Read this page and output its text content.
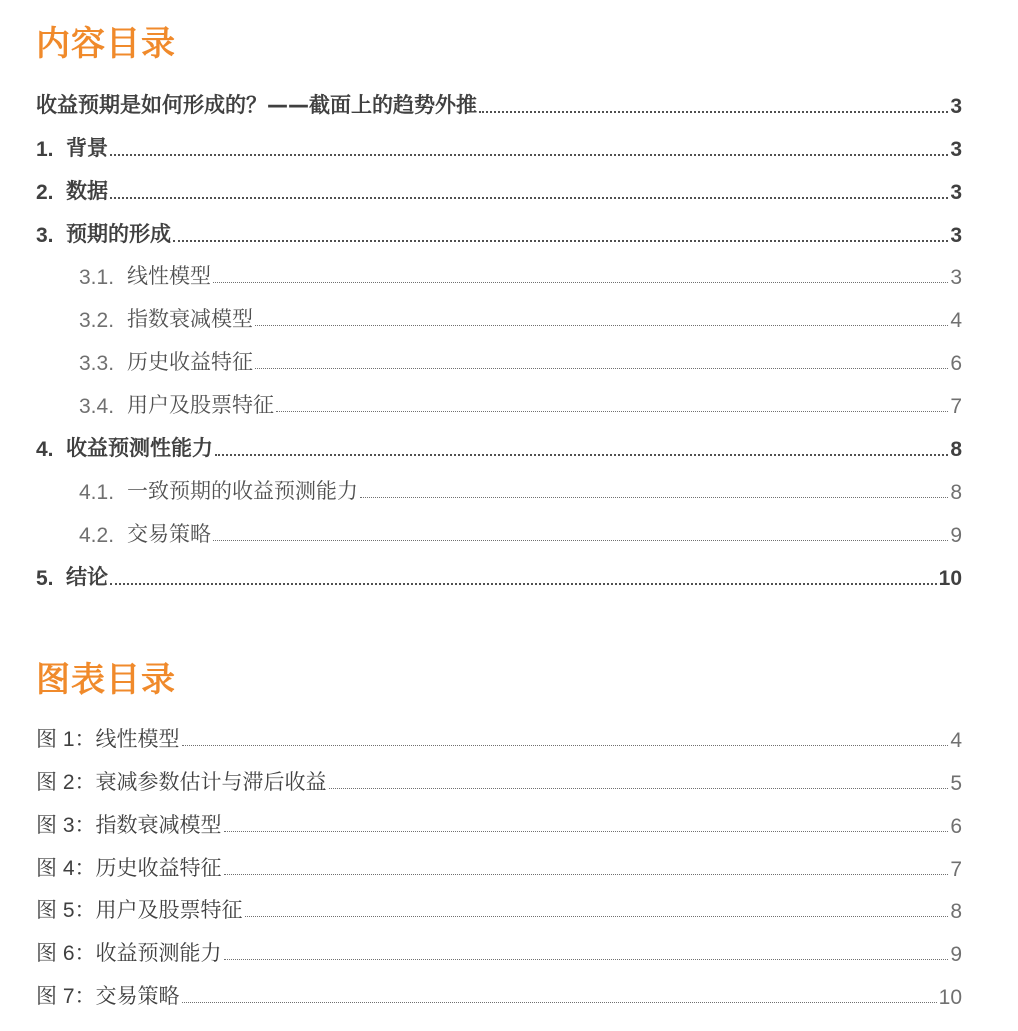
内容目录
收益预期是如何形成的？——截面上的趋势外推	3
1. 背景	3
2. 数据	3
3. 预期的形成	3
3.1. 线性模型	3
3.2. 指数衰减模型	4
3.3. 历史收益特征	6
3.4. 用户及股票特征	7
4. 收益预测性能力	8
4.1. 一致预期的收益预测能力	8
4.2. 交易策略	9
5. 结论	10
图表目录
图 1： 线性模型	4
图 2： 衰减参数估计与滞后收益	5
图 3： 指数衰减模型	6
图 4： 历史收益特征	7
图 5： 用户及股票特征	8
图 6： 收益预测能力	9
图 7： 交易策略	10
